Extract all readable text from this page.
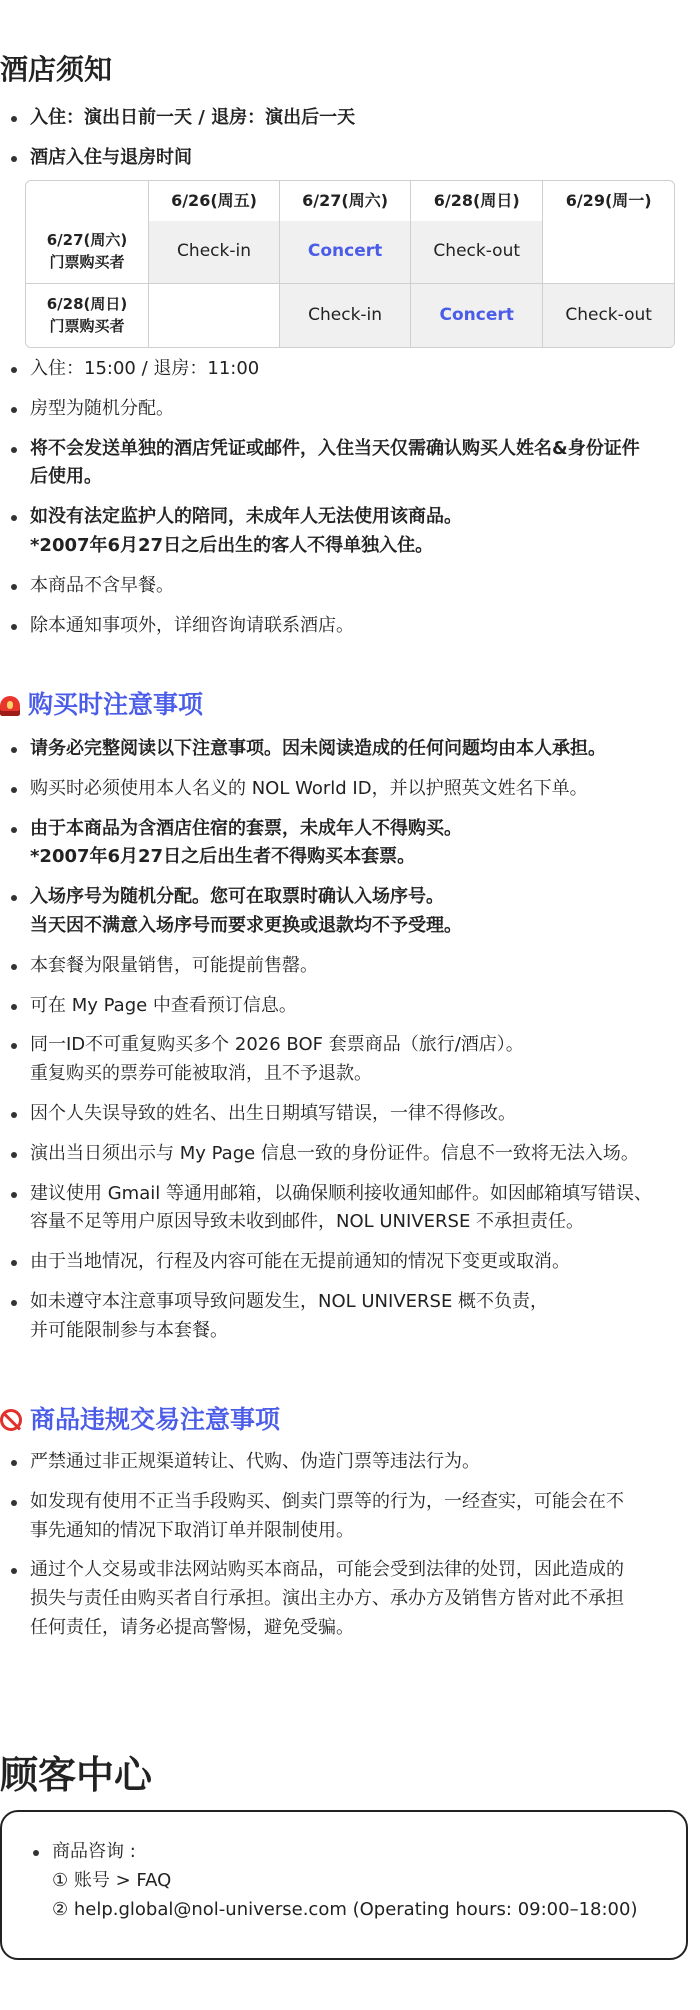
酒店须知
入住：演出日前一天 / 退房：演出后一天
酒店入住与退房时间
	6/26(周五)	6/27(周六)	6/28(周日)	6/29(周一)

6/27(周六)
门票购买者	Check-in	Concert	Check-out	

6/28(周日)
门票购买者		Check-in	Concert	Check-out
入住：15:00 / 退房：11:00
房型为随机分配。
将不会发送单独的酒店凭证或邮件，入住当天仅需确认购买人姓名&身份证件
后使用。
如没有法定监护人的陪同，未成年人无法使用该商品。
*2007年6月27日之后出生的客人不得单独入住。
本商品不含早餐。
除本通知事项外，详细咨询请联系酒店。
购买时注意事项
请务必完整阅读以下注意事项。因未阅读造成的任何问题均由本人承担。
购买时必须使用本人名义的 NOL World ID，并以护照英文姓名下单。
由于本商品为含酒店住宿的套票，未成年人不得购买。
*2007年6月27日之后出生者不得购买本套票。
入场序号为随机分配。您可在取票时确认入场序号。
当天因不满意入场序号而要求更换或退款均不予受理。
本套餐为限量销售，可能提前售罄。
可在 My Page 中查看预订信息。
同一ID不可重复购买多个 2026 BOF 套票商品（旅行/酒店）。
重复购买的票券可能被取消，且不予退款。
因个人失误导致的姓名、出生日期填写错误，一律不得修改。
演出当日须出示与 My Page 信息一致的身份证件。信息不一致将无法入场。
建议使用 Gmail 等通用邮箱，以确保顺利接收通知邮件。如因邮箱填写错误、
容量不足等用户原因导致未收到邮件，NOL UNIVERSE 不承担责任。
由于当地情况，行程及内容可能在无提前通知的情况下变更或取消。
如未遵守本注意事项导致问题发生，NOL UNIVERSE 概不负责，
并可能限制参与本套餐。
商品违规交易注意事项
严禁通过非正规渠道转让、代购、伪造门票等违法行为。
如发现有使用不正当手段购买、倒卖门票等的行为，一经查实，可能会在不
事先通知的情况下取消订单并限制使用。
通过个人交易或非法网站购买本商品，可能会受到法律的处罚，因此造成的
损失与责任由购买者自行承担。演出主办方、承办方及销售方皆对此不承担
任何责任，请务必提高警惕，避免受骗。
顾客中心
商品咨询 :
① 账号 > FAQ
② help.global@nol-universe.com (Operating hours: 09:00–18:00)
